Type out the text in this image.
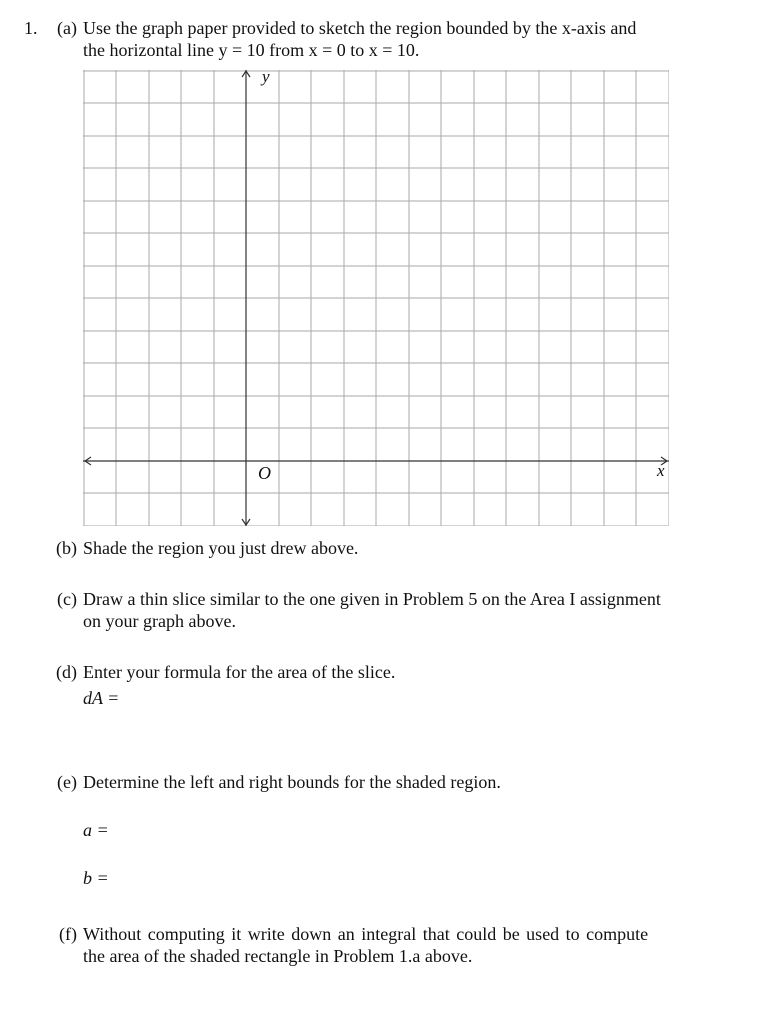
1.	(a) Use the graph paper provided to sketch the region bounded by the x-axis and
the horizontal line y = 10 from x = 0 to x = 10.
y
x
O
(b) Shade the region you just drew above.
(c) Draw a thin slice similar to the one given in Problem 5 on the Area I assignment
on your graph above.
(d) Enter your formula for the area of the slice.
dA =
(e) Determine the left and right bounds for the shaded region.
a =
b =
(f) Without computing it write down an integral that could be used to compute
the area of the shaded rectangle in Problem 1.a above.
